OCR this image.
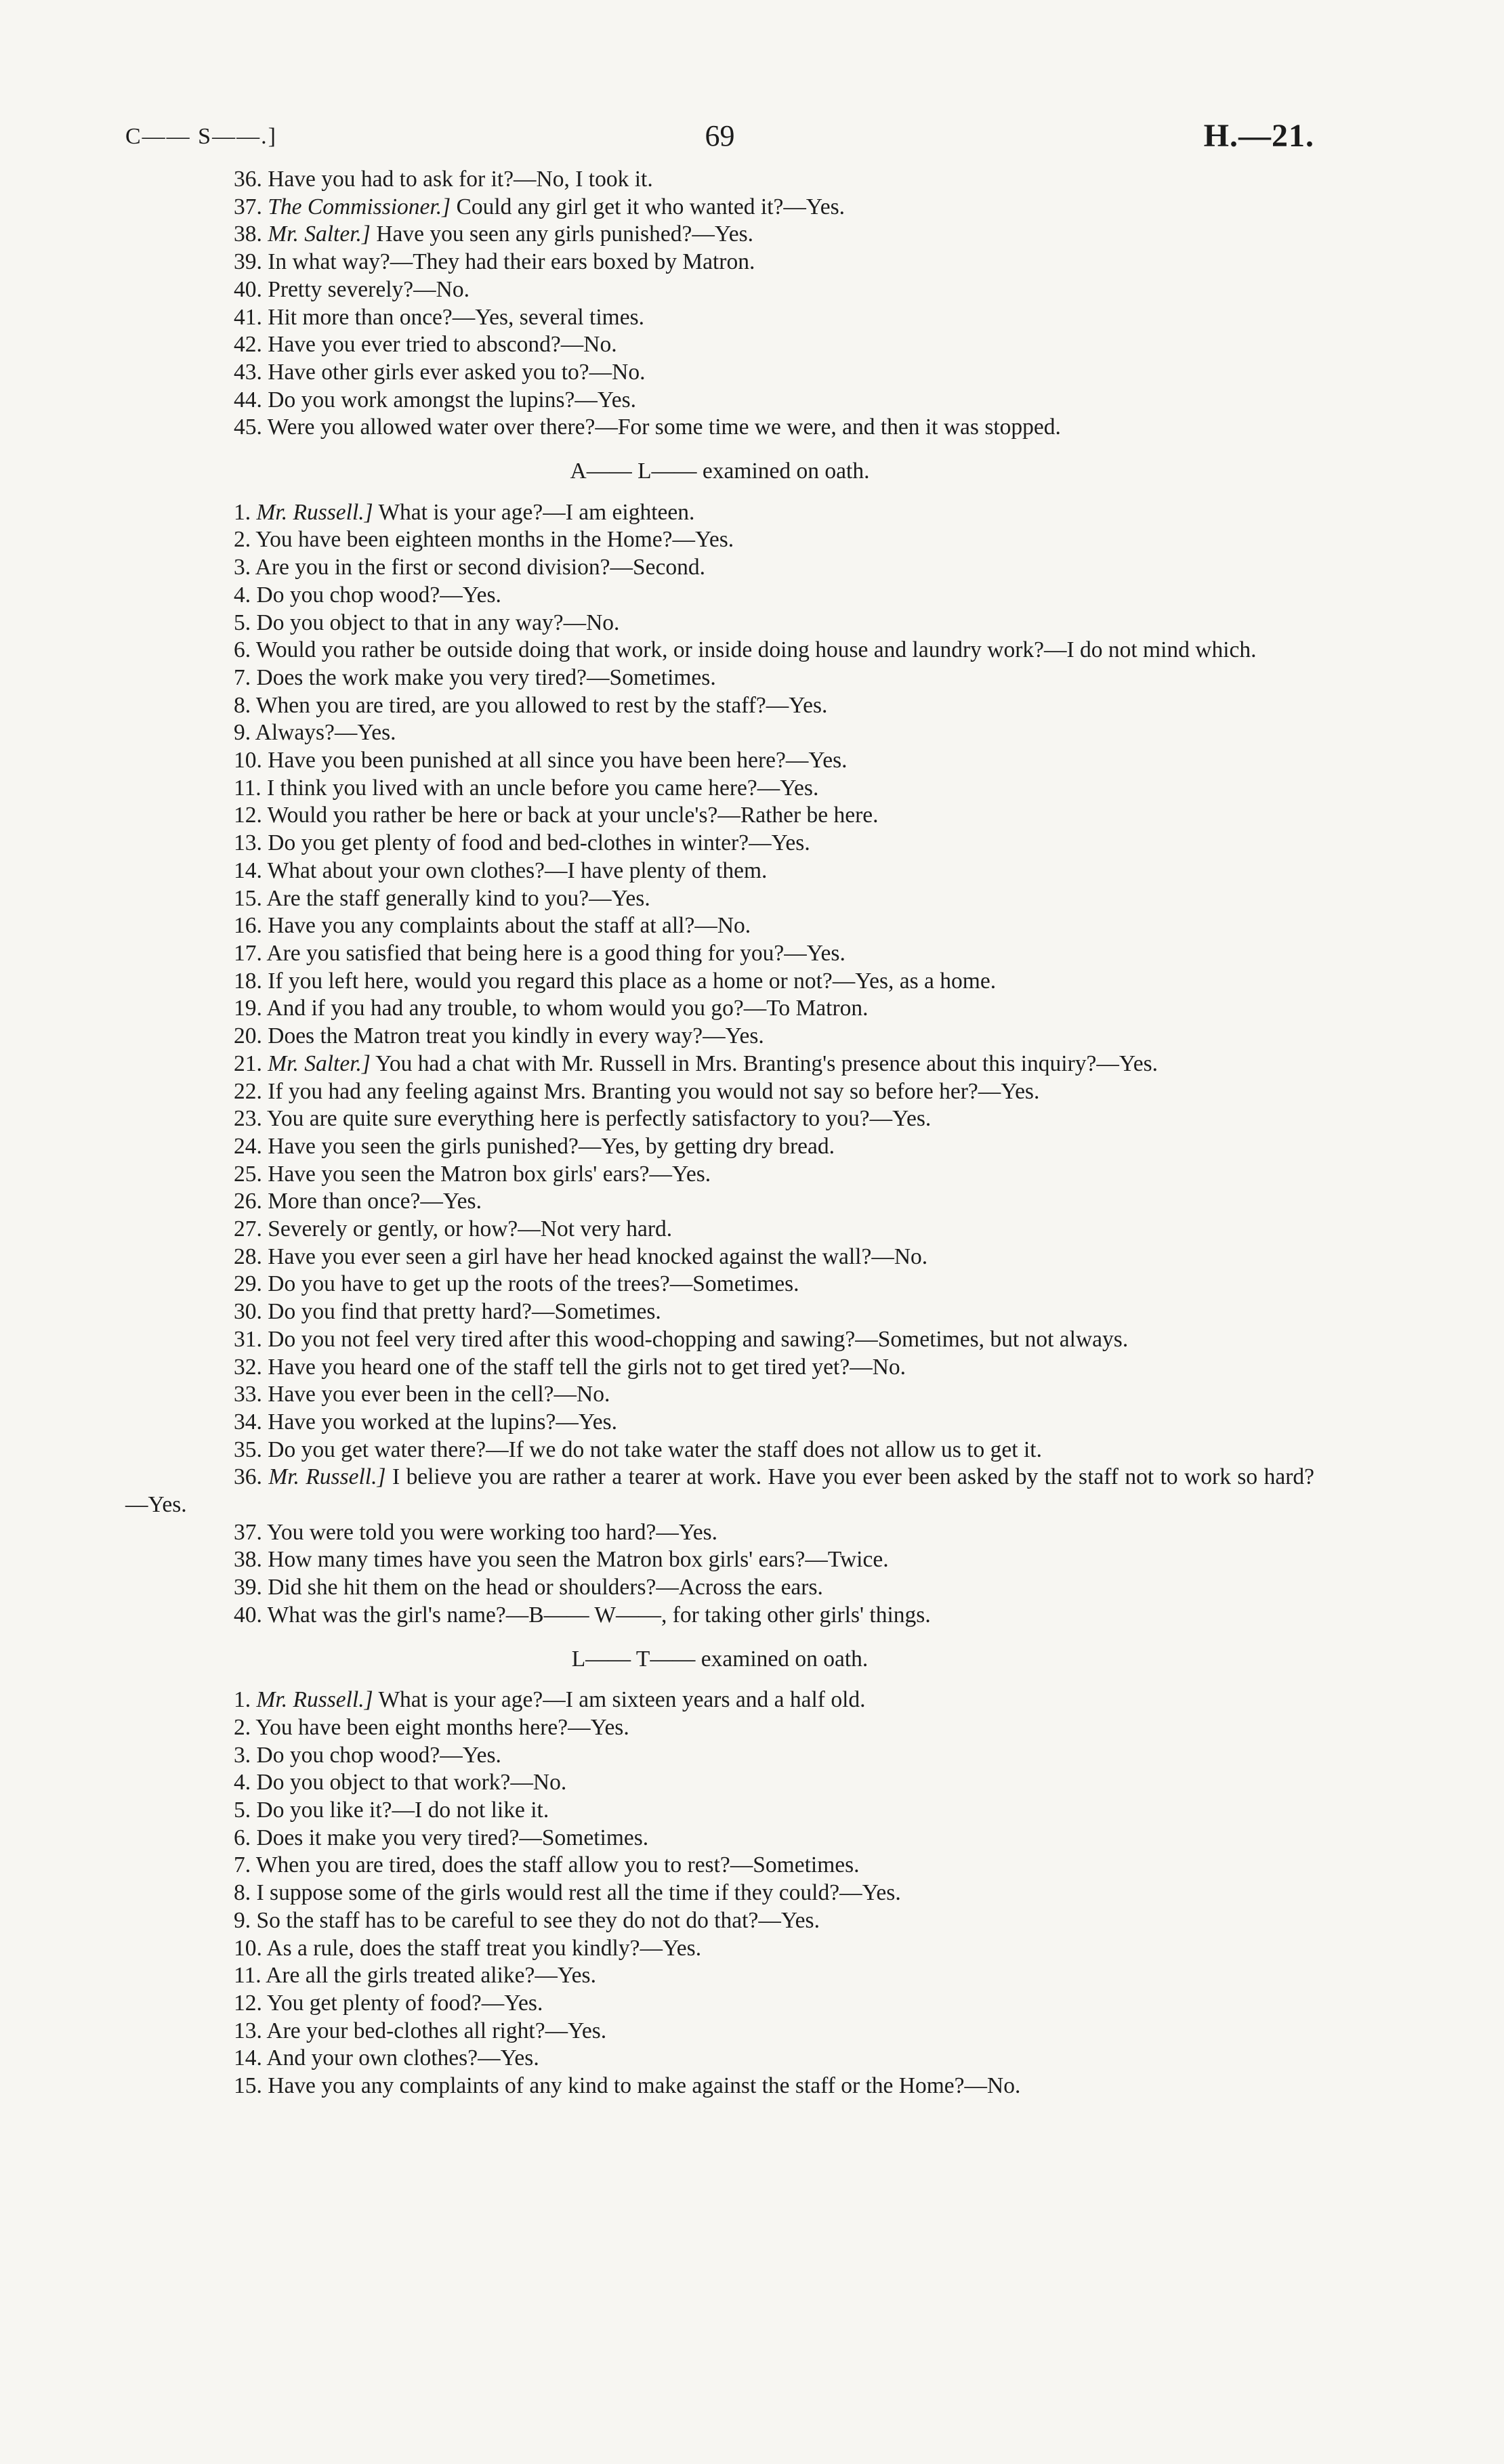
C—— S——.]	69	H.—21.

36. Have you had to ask for it?—No, I took it.

37. The Commissioner.] Could any girl get it who wanted it?—Yes.

38. Mr. Salter.] Have you seen any girls punished?—Yes.

39. In what way?—They had their ears boxed by Matron.

40. Pretty severely?—No.

41. Hit more than once?—Yes, several times.

42. Have you ever tried to abscond?—No.

43. Have other girls ever asked you to?—No.

44. Do you work amongst the lupins?—Yes.

45. Were you allowed water over there?—For some time we were, and then it was stopped.

A—— L—— examined on oath.

1. Mr. Russell.] What is your age?—I am eighteen.

2. You have been eighteen months in the Home?—Yes.

3. Are you in the first or second division?—Second.

4. Do you chop wood?—Yes.

5. Do you object to that in any way?—No.

6. Would you rather be outside doing that work, or inside doing house and laundry work?—I do not mind which.

7. Does the work make you very tired?—Sometimes.

8. When you are tired, are you allowed to rest by the staff?—Yes.

9. Always?—Yes.

10. Have you been punished at all since you have been here?—Yes.

11. I think you lived with an uncle before you came here?—Yes.

12. Would you rather be here or back at your uncle's?—Rather be here.

13. Do you get plenty of food and bed-clothes in winter?—Yes.

14. What about your own clothes?—I have plenty of them.

15. Are the staff generally kind to you?—Yes.

16. Have you any complaints about the staff at all?—No.

17. Are you satisfied that being here is a good thing for you?—Yes.

18. If you left here, would you regard this place as a home or not?—Yes, as a home.

19. And if you had any trouble, to whom would you go?—To Matron.

20. Does the Matron treat you kindly in every way?—Yes.

21. Mr. Salter.] You had a chat with Mr. Russell in Mrs. Branting's presence about this inquiry?—Yes.

22. If you had any feeling against Mrs. Branting you would not say so before her?—Yes.

23. You are quite sure everything here is perfectly satisfactory to you?—Yes.

24. Have you seen the girls punished?—Yes, by getting dry bread.

25. Have you seen the Matron box girls' ears?—Yes.

26. More than once?—Yes.

27. Severely or gently, or how?—Not very hard.

28. Have you ever seen a girl have her head knocked against the wall?—No.

29. Do you have to get up the roots of the trees?—Sometimes.

30. Do you find that pretty hard?—Sometimes.

31. Do you not feel very tired after this wood-chopping and sawing?—Sometimes, but not always.

32. Have you heard one of the staff tell the girls not to get tired yet?—No.

33. Have you ever been in the cell?—No.

34. Have you worked at the lupins?—Yes.

35. Do you get water there?—If we do not take water the staff does not allow us to get it.

36. Mr. Russell.] I believe you are rather a tearer at work. Have you ever been asked by the staff not to work so hard?—Yes.

37. You were told you were working too hard?—Yes.

38. How many times have you seen the Matron box girls' ears?—Twice.

39. Did she hit them on the head or shoulders?—Across the ears.

40. What was the girl's name?—B—— W——, for taking other girls' things.

L—— T—— examined on oath.

1. Mr. Russell.] What is your age?—I am sixteen years and a half old.

2. You have been eight months here?—Yes.

3. Do you chop wood?—Yes.

4. Do you object to that work?—No.

5. Do you like it?—I do not like it.

6. Does it make you very tired?—Sometimes.

7. When you are tired, does the staff allow you to rest?—Sometimes.

8. I suppose some of the girls would rest all the time if they could?—Yes.

9. So the staff has to be careful to see they do not do that?—Yes.

10. As a rule, does the staff treat you kindly?—Yes.

11. Are all the girls treated alike?—Yes.

12. You get plenty of food?—Yes.

13. Are your bed-clothes all right?—Yes.

14. And your own clothes?—Yes.

15. Have you any complaints of any kind to make against the staff or the Home?—No.
